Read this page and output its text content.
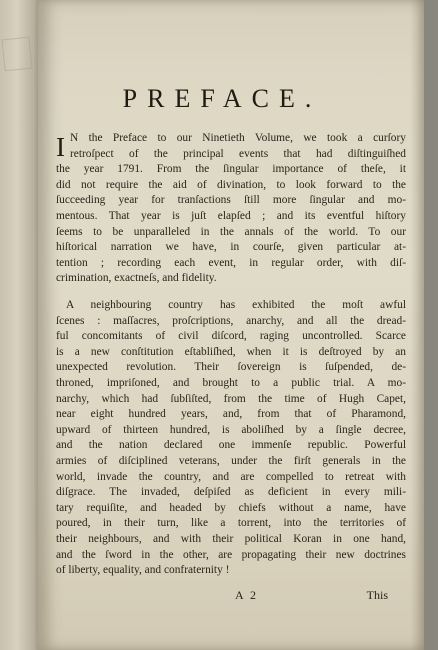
PREFACE.
I N the Preface to our Ninetieth Volume, we took a curſory
retroſpect of the principal events that had diſtinguiſhed
the year 1791. From the ſingular importance of theſe, it
did not require the aid of divination, to look forward to the
ſucceeding year for tranſactions ſtill more ſingular and mo-
mentous. That year is juſt elapſed ; and its eventful hiſtory
ſeems to be unparalleled in the annals of the world. To our
hiſtorical narration we have, in courſe, given particular at-
tention ; recording each event, in regular order, with diſ-
crimination, exactneſs, and fidelity.
A neighbouring country has exhibited the moſt awful
ſcenes : maſſacres, proſcriptions, anarchy, and all the dread-
ful concomitants of civil diſcord, raging uncontrolled. Scarce
is a new conſtitution eſtabliſhed, when it is deſtroyed by an
unexpected revolution. Their ſovereign is ſuſpended, de-
throned, impriſoned, and brought to a public trial. A mo-
narchy, which had ſubſiſted, from the time of Hugh Capet,
near eight hundred years, and, from that of Pharamond,
upward of thirteen hundred, is aboliſhed by a ſingle decree,
and the nation declared one immenſe republic. Powerful
armies of diſciplined veterans, under the firſt generals in the
world, invade the country, and are compelled to retreat with
diſgrace. The invaded, deſpiſed as deficient in every mili-
tary requiſite, and headed by chiefs without a name, have
poured, in their turn, like a torrent, into the territories of
their neighbours, and with their political Koran in one hand,
and the ſword in the other, are propagating their new doctrines
of liberty, equality, and confraternity !
A 2	This
